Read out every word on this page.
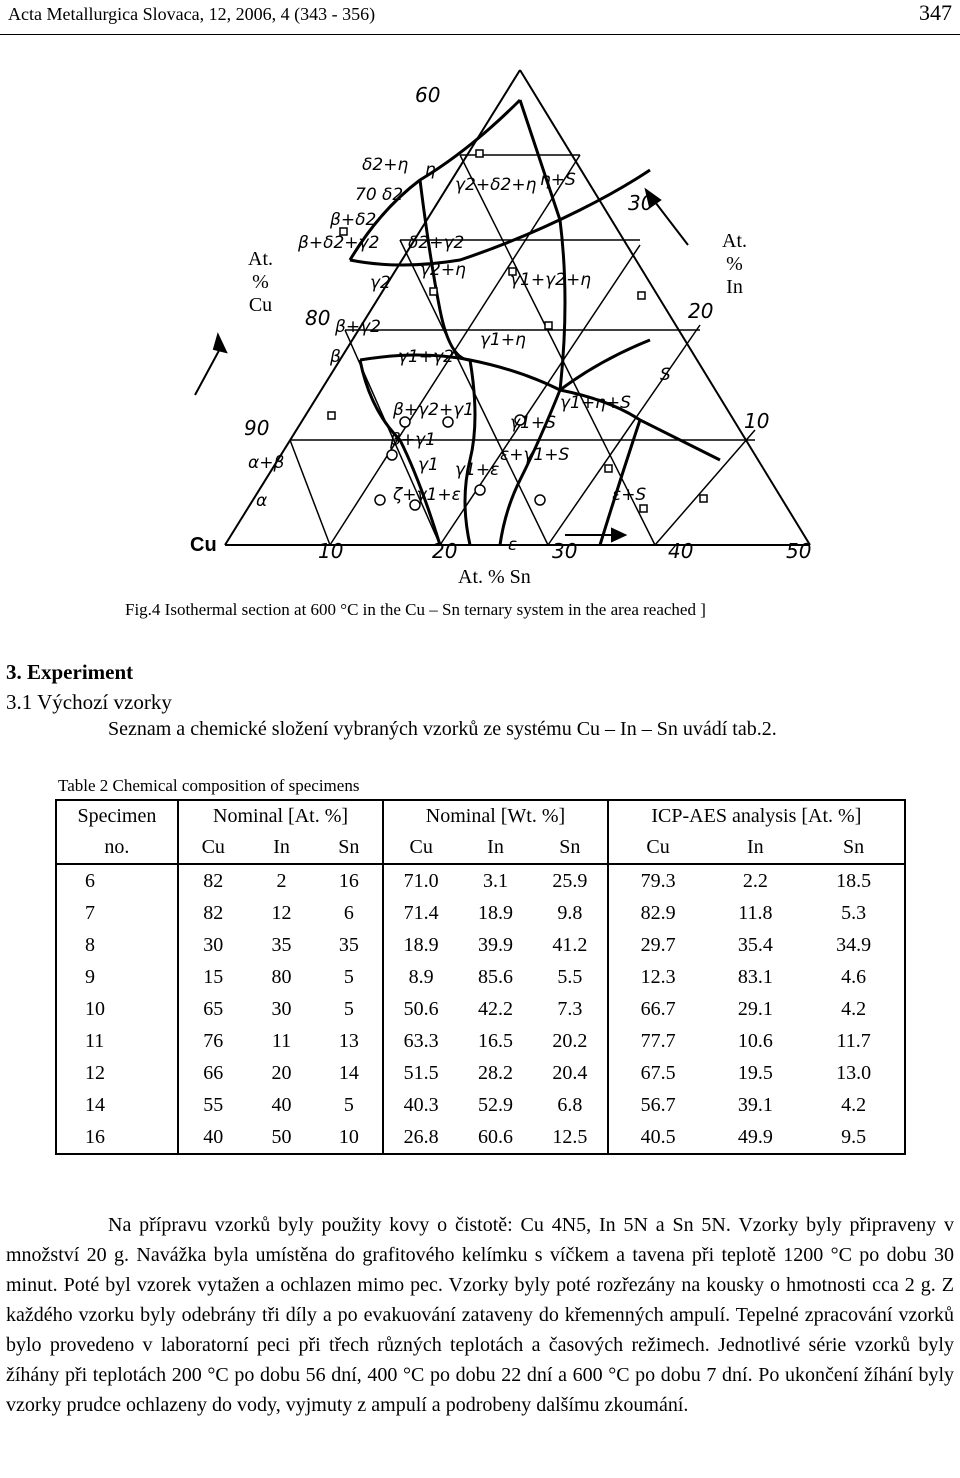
Acta Metallurgica Slovaca, 12, 2006, 4 (343 - 356)	347
10	20	30	40	50
60
80
90
30
20
10
δ2+η η
γ2+δ2+η η+S
70 δ2
β+δ2
β+δ2+γ2 δ2+γ2
γ2+η	γ1+γ2+η
γ2
β+γ2
γ1+η
β	γ1+γ2
S
β+γ2+γ1	γ1+η+S
γ1+S
β+γ1
ε+γ1+S
α+β	γ1 γ1+ε
α	ζ+γ1+ε
ε
ε+S
At.
%
Cu
At.
%
In
At. % Sn
Cu
Fig.4 Isothermal section at 600 °C in the Cu – Sn ternary system in the area reached ]
3. Experiment
3.1 Výchozí vzorky
Seznam a chemické složení vybraných vzorků ze systému Cu – In – Sn uvádí tab.2.
Table 2 Chemical composition of specimens
Specimen	Nominal [At. %]			Nominal [Wt. %]			ICP-AES analysis [At. %]		
no.	Cu	In	Sn	Cu	In	Sn	Cu	In	Sn
6	82	2	16	71.0	3.1	25.9	79.3	2.2	18.5
7	82	12	6	71.4	18.9	9.8	82.9	11.8	5.3
8	30	35	35	18.9	39.9	41.2	29.7	35.4	34.9
9	15	80	5	8.9	85.6	5.5	12.3	83.1	4.6
10	65	30	5	50.6	42.2	7.3	66.7	29.1	4.2
11	76	11	13	63.3	16.5	20.2	77.7	10.6	11.7
12	66	20	14	51.5	28.2	20.4	67.5	19.5	13.0
14	55	40	5	40.3	52.9	6.8	56.7	39.1	4.2
16	40	50	10	26.8	60.6	12.5	40.5	49.9	9.5

Na přípravu vzorků byly použity kovy o čistotě: Cu 4N5, In 5N a Sn 5N. Vzorky byly připraveny v množství 20 g. Navážka byla umístěna do grafitového kelímku s víčkem a tavena při teplotě 1200 °C po dobu 30 minut. Poté byl vzorek vytažen a ochlazen mimo pec. Vzorky byly poté rozřezány na kousky o hmotnosti cca 2 g. Z každého vzorku byly odebrány tři díly a po evakuování zataveny do křemenných ampulí. Tepelné zpracování vzorků bylo provedeno v laboratorní peci při třech různých teplotách a časových režimech. Jednotlivé série vzorků byly žíhány při teplotách 200 °C po dobu 56 dní, 400 °C po dobu 22 dní a 600 °C po dobu 7 dní. Po ukončení žíhání byly vzorky prudce ochlazeny do vody, vyjmuty z ampulí a podrobeny dalšímu zkoumání.
